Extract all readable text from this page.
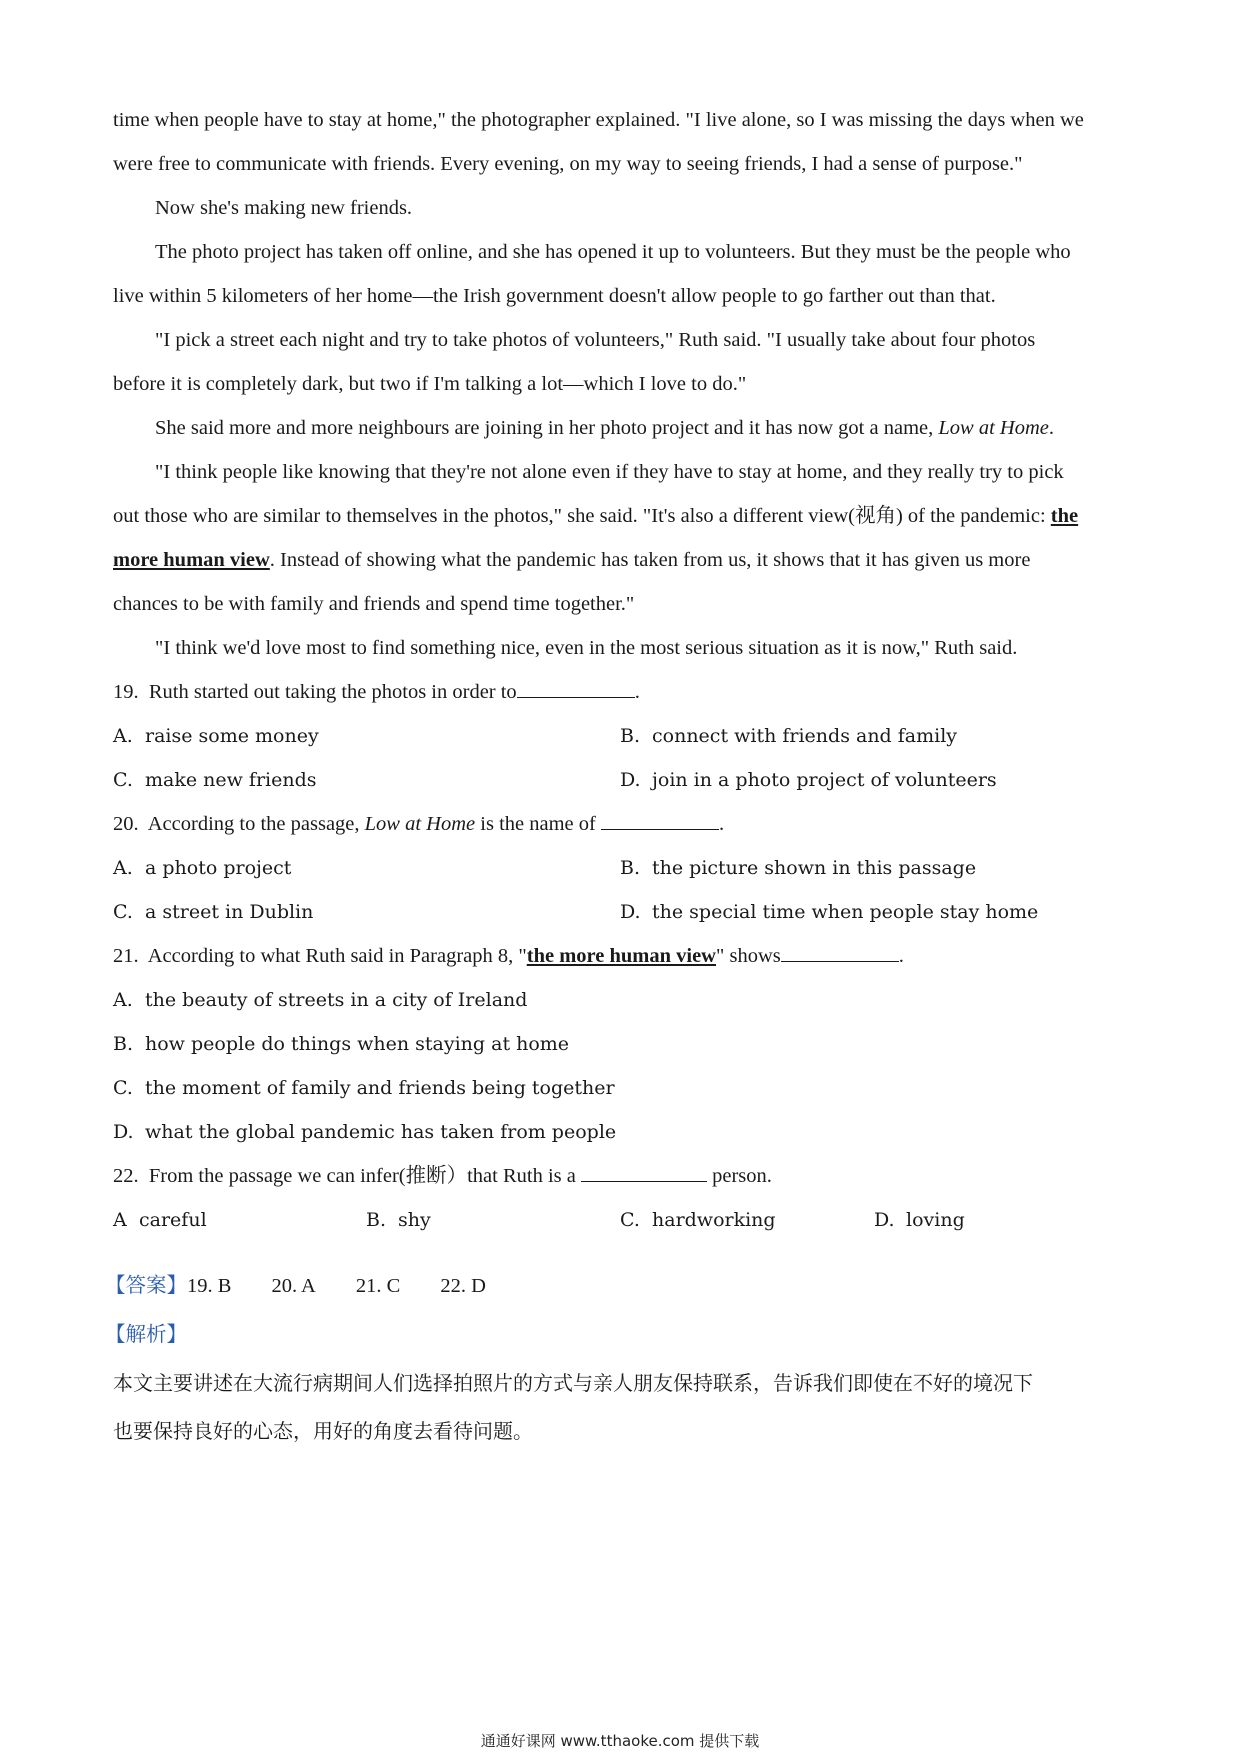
time when people have to stay at home," the photographer explained. "I live alone, so I was missing the days when we
were free to communicate with friends. Every evening, on my way to seeing friends, I had a sense of purpose."
Now she's making new friends.
The photo project has taken off online, and she has opened it up to volunteers. But they must be the people who
live within 5 kilometers of her home—the Irish government doesn't allow people to go farther out than that.
"I pick a street each night and try to take photos of volunteers," Ruth said. "I usually take about four photos
before it is completely dark, but two if I'm talking a lot—which I love to do."
She said more and more neighbours are joining in her photo project and it has now got a name, Low at Home.
"I think people like knowing that they're not alone even if they have to stay at home, and they really try to pick
out those who are similar to themselves in the photos," she said. "It's also a different view(视角) of the pandemic: the
more human view. Instead of showing what the pandemic has taken from us, it shows that it has given us more
chances to be with family and friends and spend time together."
"I think we'd love most to find something nice, even in the most serious situation as it is now," Ruth said.
19. Ruth started out taking the photos in order to	.
A. raise some money	B. connect with friends and family
C. make new friends	D. join in a photo project of volunteers
20. According to the passage, Low at Home is the name of	.
A. a photo project	B. the picture shown in this passage
C. a street in Dublin	D. the special time when people stay home
21. According to what Ruth said in Paragraph 8, "the more human view" shows	.
A. the beauty of streets in a city of Ireland
B. how people do things when staying at home
C. the moment of family and friends being together
D. what the global pandemic has taken from people
22. From the passage we can infer(推断）that Ruth is a	person.
A careful	B. shy	C. hardworking	D. loving
【答案】19. B 20. A 21. C 22. D
【解析】
本文主要讲述在大流行病期间人们选择拍照片的方式与亲人朋友保持联系，告诉我们即使在不好的境况下
也要保持良好的心态，用好的角度去看待问题。
通通好课网 www.tthaoke.com 提供下载
